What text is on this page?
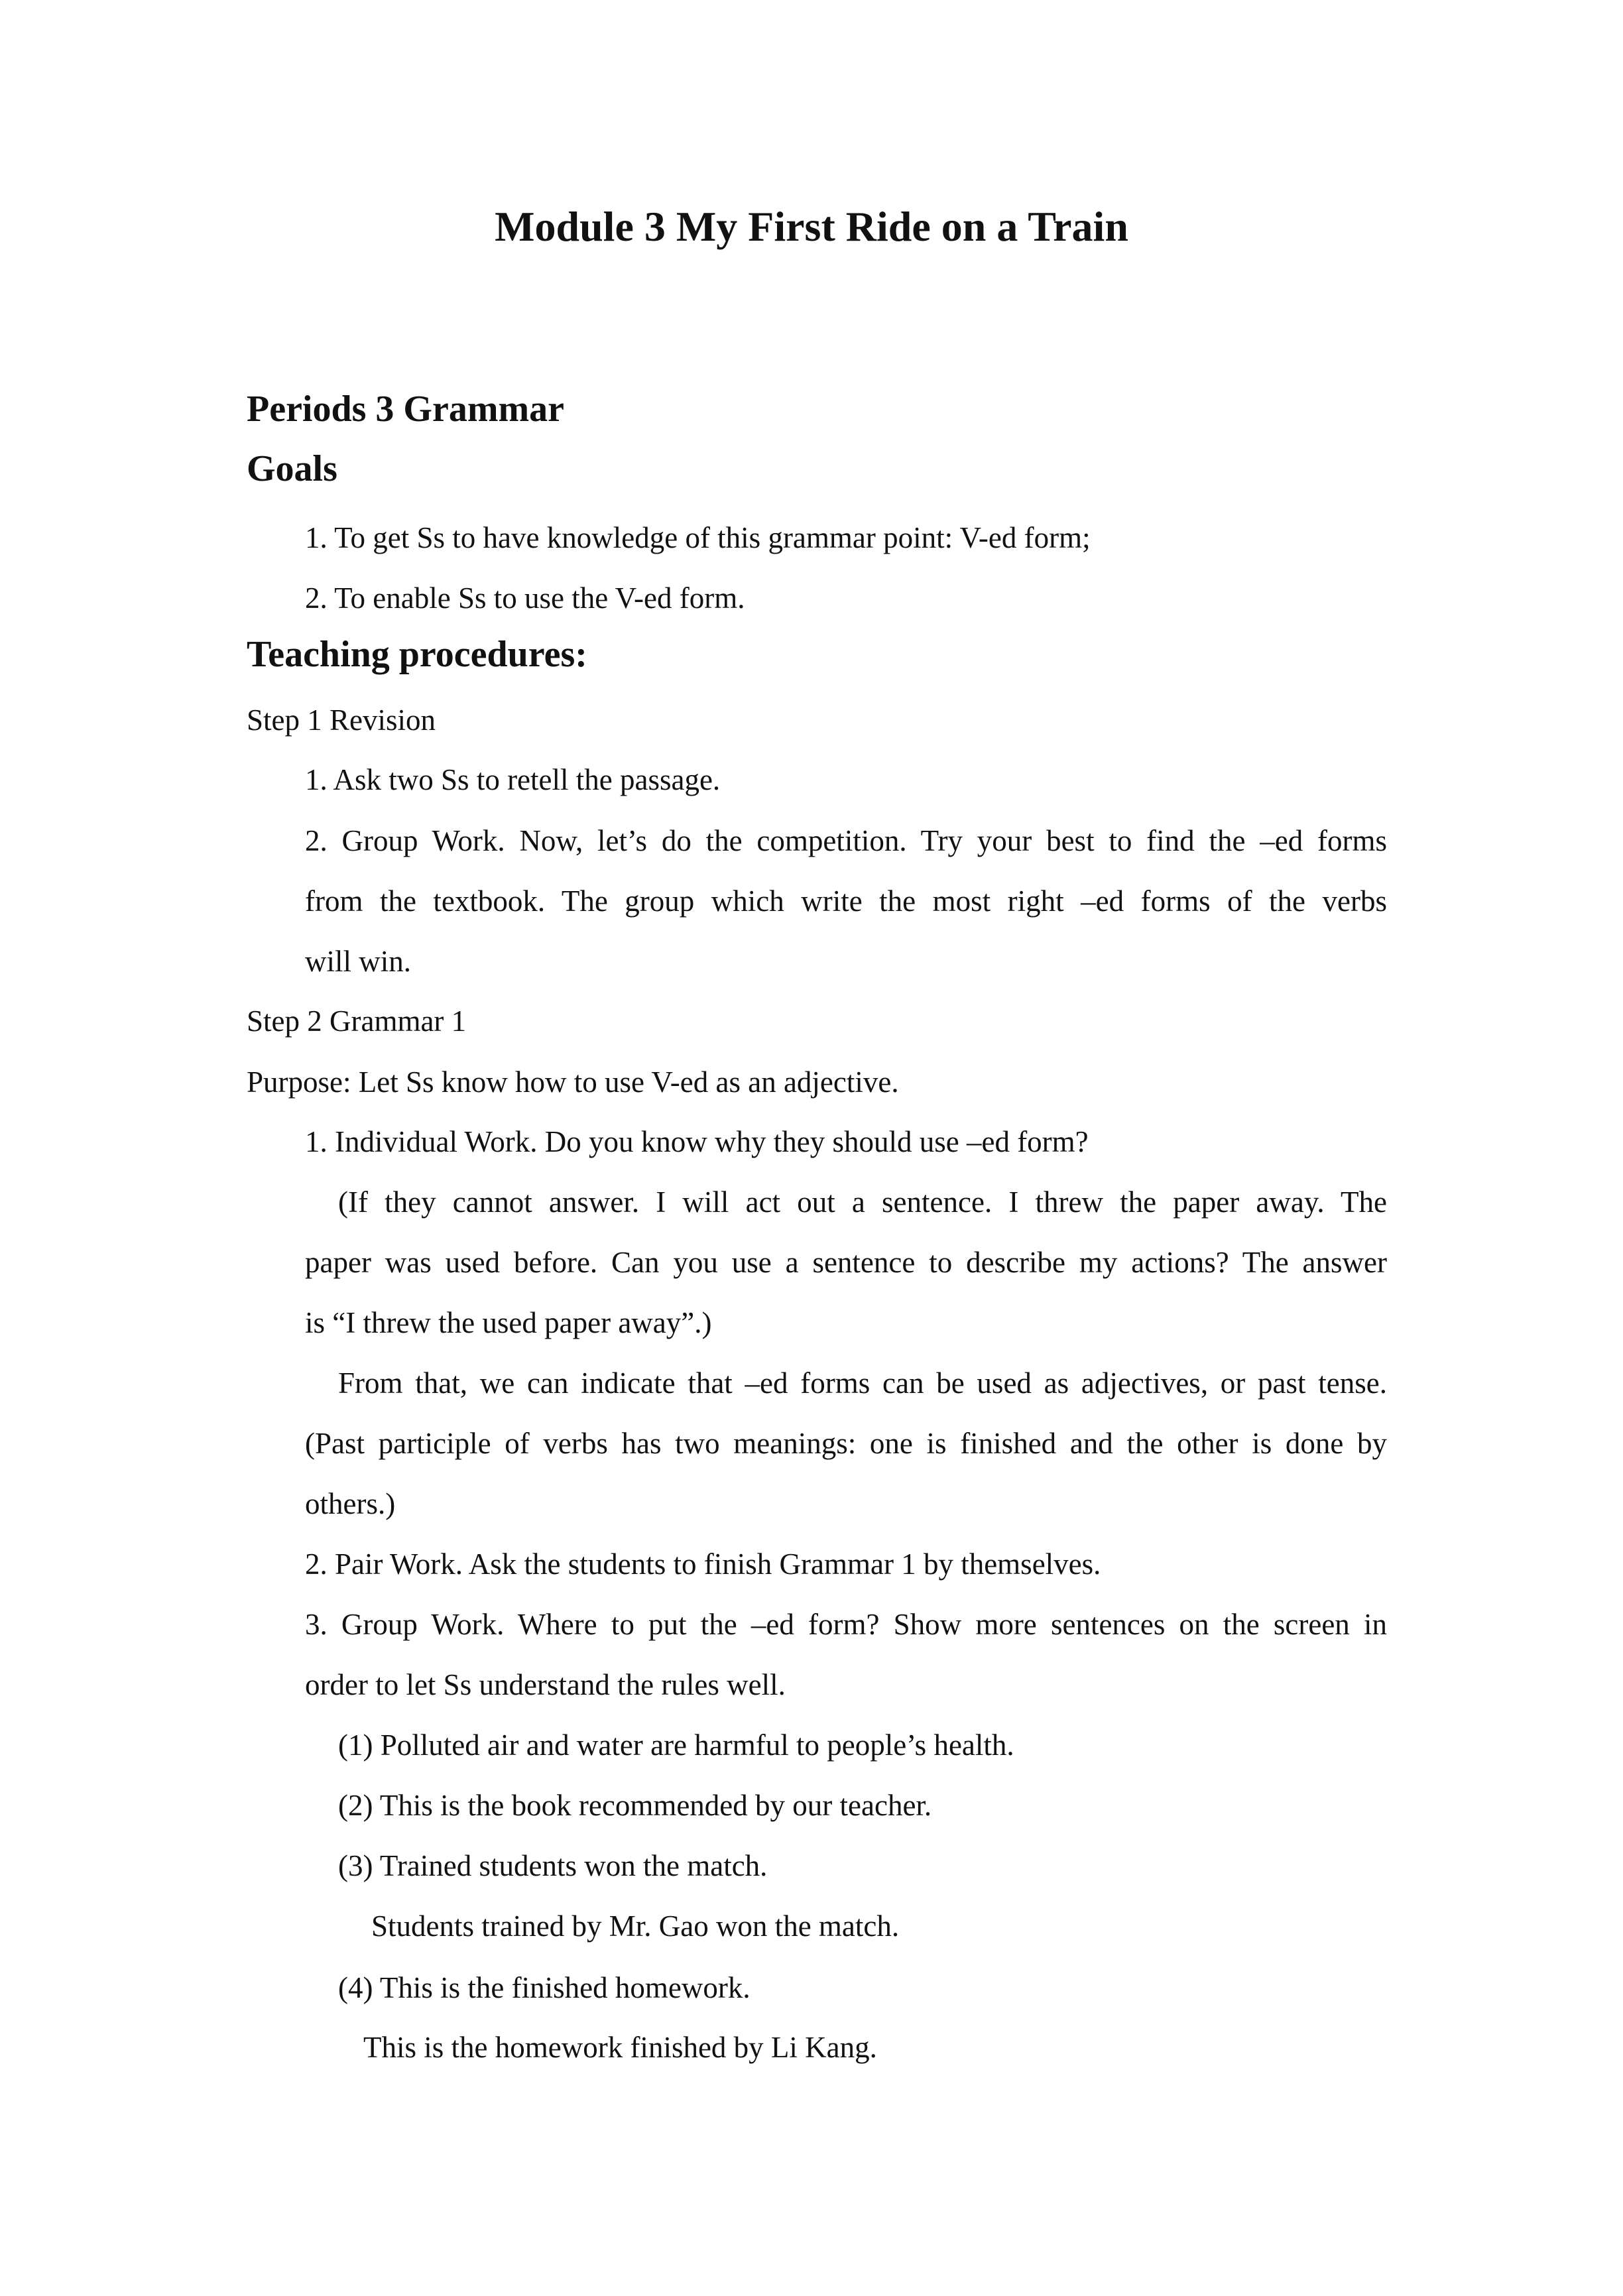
Module 3 My First Ride on a Train
Periods 3 Grammar
Goals
1. To get Ss to have knowledge of this grammar point: V-ed form;
2. To enable Ss to use the V-ed form.
Teaching procedures:
Step 1 Revision
1. Ask two Ss to retell the passage.
2. Group Work. Now, let’s do the competition. Try your best to find the –ed forms
from the textbook. The group which write the most right –ed forms of the verbs
will win.
Step 2 Grammar 1
Purpose: Let Ss know how to use V-ed as an adjective.
1. Individual Work. Do you know why they should use –ed form?
(If they cannot answer. I will act out a sentence. I threw the paper away. The
paper was used before. Can you use a sentence to describe my actions? The answer
is “I threw the used paper away”.)
From that, we can indicate that –ed forms can be used as adjectives, or past tense.
(Past participle of verbs has two meanings: one is finished and the other is done by
others.)
2. Pair Work. Ask the students to finish Grammar 1 by themselves.
3. Group Work. Where to put the –ed form? Show more sentences on the screen in
order to let Ss understand the rules well.
(1) Polluted air and water are harmful to people’s health.
(2) This is the book recommended by our teacher.
(3) Trained students won the match.
Students trained by Mr. Gao won the match.
(4) This is the finished homework.
This is the homework finished by Li Kang.
